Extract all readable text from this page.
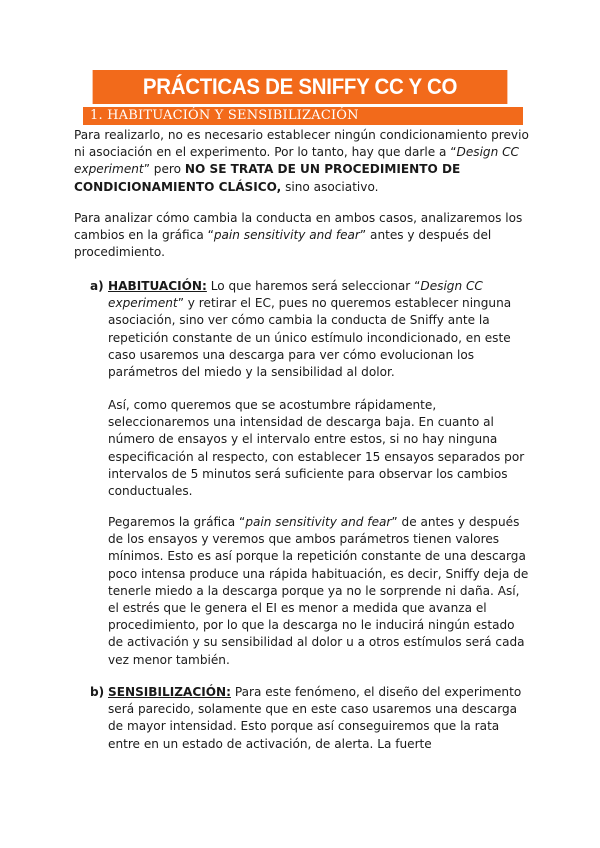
PRÁCTICAS DE SNIFFY CC Y CO
1. HABITUACIÓN Y SENSIBILIZACIÓN

Para realizarlo, no es necesario establecer ningún condicionamiento previo ni asociación en el experimento. Por lo tanto, hay que darle a “Design CC experiment” pero NO SE TRATA DE UN PROCEDIMIENTO DE CONDICIONAMIENTO CLÁSICO, sino asociativo.

Para analizar cómo cambia la conducta en ambos casos, analizaremos los cambios en la gráfica “pain sensitivity and fear” antes y después del procedimiento.

a) HABITUACIÓN: Lo que haremos será seleccionar “Design CC experiment” y retirar el EC, pues no queremos establecer ninguna asociación, sino ver cómo cambia la conducta de Sniffy ante la repetición constante de un único estímulo incondicionado, en este caso usaremos una descarga para ver cómo evolucionan los parámetros del miedo y la sensibilidad al dolor.

Así, como queremos que se acostumbre rápidamente, seleccionaremos una intensidad de descarga baja. En cuanto al número de ensayos y el intervalo entre estos, si no hay ninguna especificación al respecto, con establecer 15 ensayos separados por intervalos de 5 minutos será suficiente para observar los cambios conductuales.

Pegaremos la gráfica “pain sensitivity and fear” de antes y después de los ensayos y veremos que ambos parámetros tienen valores mínimos. Esto es así porque la repetición constante de una descarga poco intensa produce una rápida habituación, es decir, Sniffy deja de tenerle miedo a la descarga porque ya no le sorprende ni daña. Así, el estrés que le genera el EI es menor a medida que avanza el procedimiento, por lo que la descarga no le inducirá ningún estado de activación y su sensibilidad al dolor u a otros estímulos será cada vez menor también.

b) SENSIBILIZACIÓN: Para este fenómeno, el diseño del experimento será parecido, solamente que en este caso usaremos una descarga de mayor intensidad. Esto porque así conseguiremos que la rata entre en un estado de activación, de alerta. La fuerte
